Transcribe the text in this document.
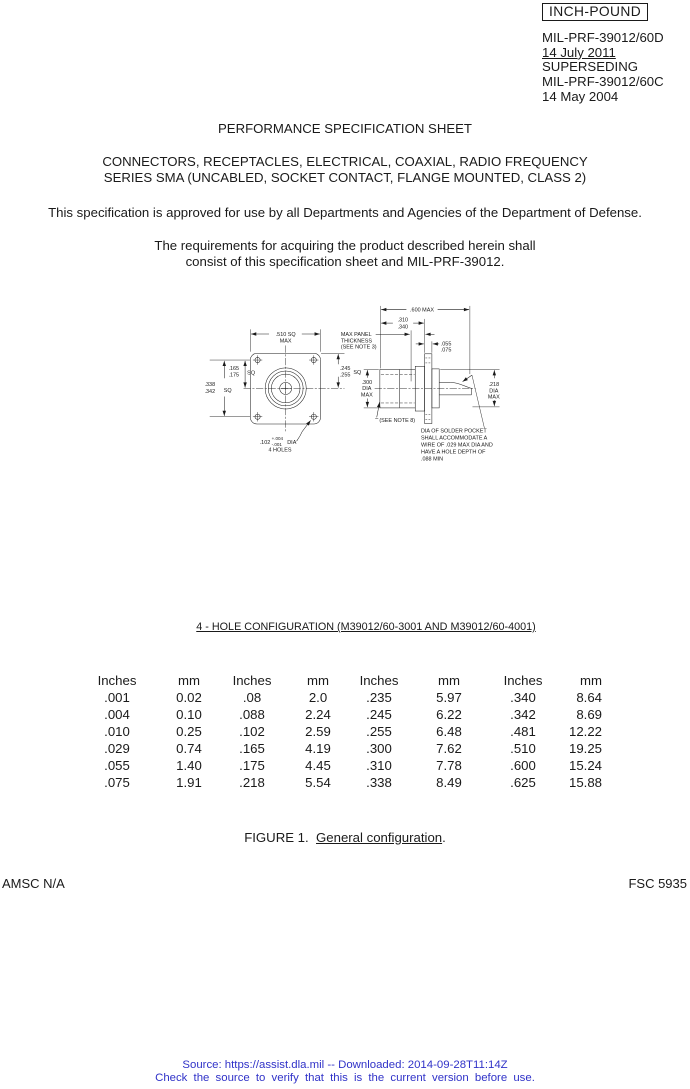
INCH-POUND
MIL-PRF-39012/60D
14 July 2011
SUPERSEDING
MIL-PRF-39012/60C
14 May 2004
PERFORMANCE SPECIFICATION SHEET
CONNECTORS, RECEPTACLES, ELECTRICAL, COAXIAL, RADIO FREQUENCY
SERIES SMA (UNCABLED, SOCKET CONTACT, FLANGE MOUNTED, CLASS 2)
This specification is approved for use by all Departments and Agencies of the Department of Defense.
The requirements for acquiring the product described herein shall
consist of this specification sheet and MIL-PRF-39012.
.510 SQ
MAX
.338
.342 SQ
.165
.175 SQ
.245
.255 SQ
.102
+.004
-.001 DIA
4 HOLES
.600 MAX
.310
.340
MAX PANEL
THICKNESS
(SEE NOTE 3)
.055
.075
.300
DIA
MAX
.218
DIA
MAX
(SEE NOTE 8)
DIA OF SOLDER POCKET
SHALL ACCOMMODATE A
WIRE OF .029 MAX DIA AND
HAVE A HOLE DEPTH OF
.088 MIN
4 - HOLE CONFIGURATION (M39012/60-3001 AND M39012/60-4001)
Inches
.001
.004
.010
.029
.055
.075
mm
0.02
0.10
0.25
0.74
1.40
1.91
Inches
.08
.088
.102
.165
.175
.218
mm
2.0
2.24
2.59
4.19
4.45
5.54
Inches
.235
.245
.255
.300
.310
.338
mm
5.97
6.22
6.48
7.62
7.78
8.49
Inches
.340
.342
.481
.510
.600
.625
mm
8.64
8.69
12.22
19.25
15.24
15.88
FIGURE 1. General configuration.
AMSC N/A	FSC 5935
Source: https://assist.dla.mil -- Downloaded: 2014-09-28T11:14Z
Check the source to verify that this is the current version before use.
